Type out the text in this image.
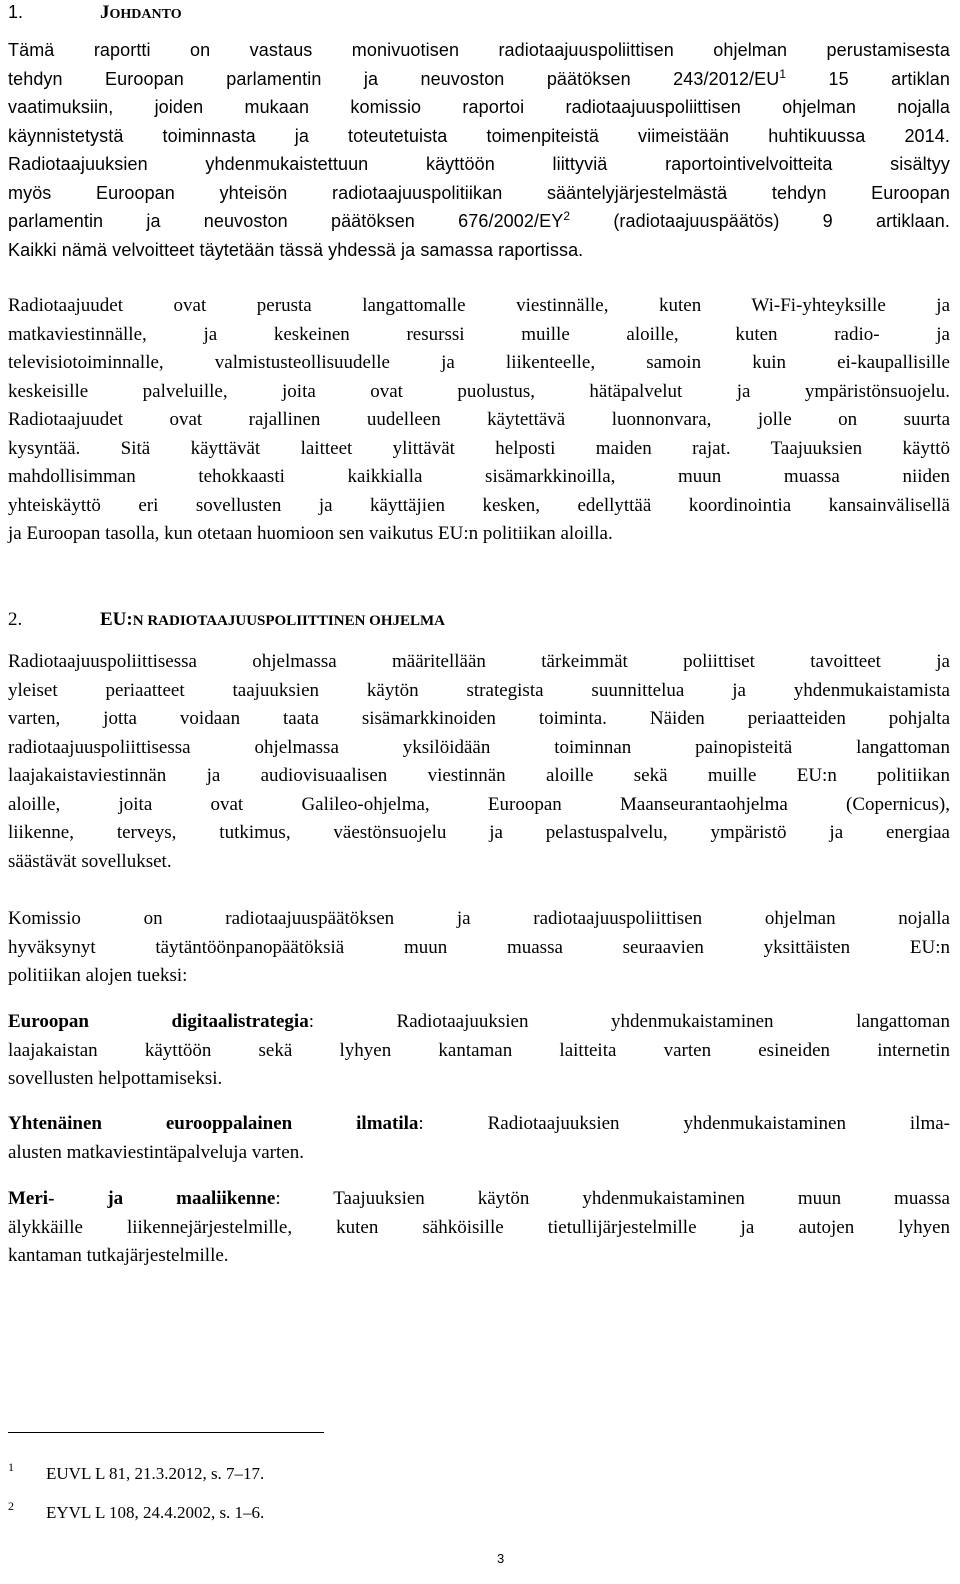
1.	JOHDANTO
Tämä raportti on vastaus monivuotisen radiotaajuuspoliittisen ohjelman perustamisesta
tehdyn Euroopan parlamentin ja neuvoston päätöksen $243/2012/EU^1$ 15 artiklan
vaatimuksiin, joiden mukaan komissio raportoi radiotaajuuspoliittisen ohjelman nojalla
käynnistetystä toiminnasta ja toteutetuista toimenpiteistä viimeistään huhtikuussa 2014.
Radiotaajuuksien yhdenmukaistettuun käyttöön liittyviä raportointivelvoitteita sisältyy
myös Euroopan yhteisön radiotaajuuspolitiikan sääntelyjärjestelmästä tehdyn Euroopan
parlamentin ja neuvoston päätöksen $676/2002/EY^2$ (radiotaajuuspäätös) 9 artiklaan.
Kaikki nämä velvoitteet täytetään tässä yhdessä ja samassa raportissa.
Radiotaajuudet ovat perusta langattomalle viestinnälle, kuten Wi-Fi-yhteyksille ja
matkaviestinnälle, ja keskeinen resurssi muille aloille, kuten radio- ja
televisiotoiminnalle, valmistusteollisuudelle ja liikenteelle, samoin kuin ei-kaupallisille
keskeisille palveluille, joita ovat puolustus, hätäpalvelut ja ympäristönsuojelu.
Radiotaajuudet ovat rajallinen uudelleen käytettävä luonnonvara, jolle on suurta
kysyntää. Sitä käyttävät laitteet ylittävät helposti maiden rajat. Taajuuksien käyttö
mahdollisimman tehokkaasti kaikkialla sisämarkkinoilla, muun muassa niiden
yhteiskäyttö eri sovellusten ja käyttäjien kesken, edellyttää koordinointia kansainvälisellä
ja Euroopan tasolla, kun otetaan huomioon sen vaikutus EU:n politiikan aloilla.
2.	EU:N RADIOTAAJUUSPOLIITTINEN OHJELMA
Radiotaajuuspoliittisessa ohjelmassa määritellään tärkeimmät poliittiset tavoitteet ja
yleiset periaatteet taajuuksien käytön strategista suunnittelua ja yhdenmukaistamista
varten, jotta voidaan taata sisämarkkinoiden toiminta. Näiden periaatteiden pohjalta
radiotaajuuspoliittisessa ohjelmassa yksilöidään toiminnan painopisteitä langattoman
laajakaistaviestinnän ja audiovisuaalisen viestinnän aloille sekä muille EU:n politiikan
aloille, joita ovat Galileo-ohjelma, Euroopan Maanseurantaohjelma (Copernicus),
liikenne, terveys, tutkimus, väestönsuojelu ja pelastuspalvelu, ympäristö ja energiaa
säästävät sovellukset.
Komissio on radiotaajuuspäätöksen ja radiotaajuuspoliittisen ohjelman nojalla
hyväksynyt täytäntöönpanopäätöksiä muun muassa seuraavien yksittäisten EU:n
politiikan alojen tueksi:
Euroopan digitaalistrategia:	Radiotaajuuksien yhdenmukaistaminen langattoman
laajakaistan käyttöön sekä lyhyen kantaman laitteita varten esineiden internetin
sovellusten helpottamiseksi.
Yhtenäinen eurooppalainen ilmatila:	Radiotaajuuksien yhdenmukaistaminen ilma-
alusten matkaviestintäpalveluja varten.
Meri- ja maaliikenne:	Taajuuksien käytön yhdenmukaistaminen muun muassa
älykkäille liikennejärjestelmille, kuten sähköisille tietullijärjestelmille ja autojen lyhyen
kantaman tutkajärjestelmille.
1 EUVL L 81, 21.3.2012, s. 7–17.
2 EYVL L 108, 24.4.2002, s. 1–6.
3
